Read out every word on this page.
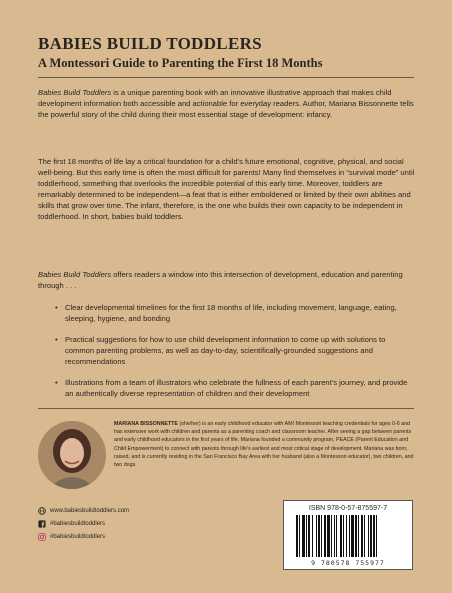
BABIES BUILD TODDLERS
A Montessori Guide to Parenting the First 18 Months
Babies Build Toddlers is a unique parenting book with an innovative illustrative approach that makes child development information both accessible and actionable for everyday readers. Author, Mariana Bissonnette tells the powerful story of the child during their most essential stage of development: infancy.
The first 18 months of life lay a critical foundation for a child's future emotional, cognitive, physical, and social well-being. But this early time is often the most difficult for parents! Many find themselves in “survival mode” until toddlerhood, something that overlooks the incredible potential of this early time. Moreover, toddlers are remarkably determined to be independent—a feat that is either emboldened or limited by their own abilities and skills that grow over time. The infant, therefore, is the one who builds their own capacity to be independent in toddlerhood. In short, babies build toddlers.
Babies Build Toddlers offers readers a window into this intersection of development, education and parenting through . . .
• Clear developmental timelines for the first 18 months of life, including movement, language, eating, sleeping, hygiene, and bonding
• Practical suggestions for how to use child development information to come up with solutions to common parenting problems, as well as day-to-day, scientifically-grounded suggestions and recommendations
• Illustrations from a team of illustrators who celebrate the fullness of each parent's journey, and provide an authentically diverse representation of children and their development
MARIANA BISSONNETTE (she/her) is an early childhood educator with AMI Montessori teaching credentials for ages 0-6 and has extensive work with children and parents as a parenting coach and classroom teacher. After seeing a gap between parents and early childhood educators in the first years of life, Mariana founded a community program, PEACE (Parent Education and Child Empowerment) to connect with parents through life's earliest and most critical stage of development. Mariana was born, raised, and is currently residing in the San Francisco Bay Area with her husband (also a Montessori educator), two children, and two dogs.
www.babiesbuildtoddlers.com
#babiesbuildtoddlers
#babiesbuildtoddlers
ISBN 978-0-57-875597-7
9 780578 755977
